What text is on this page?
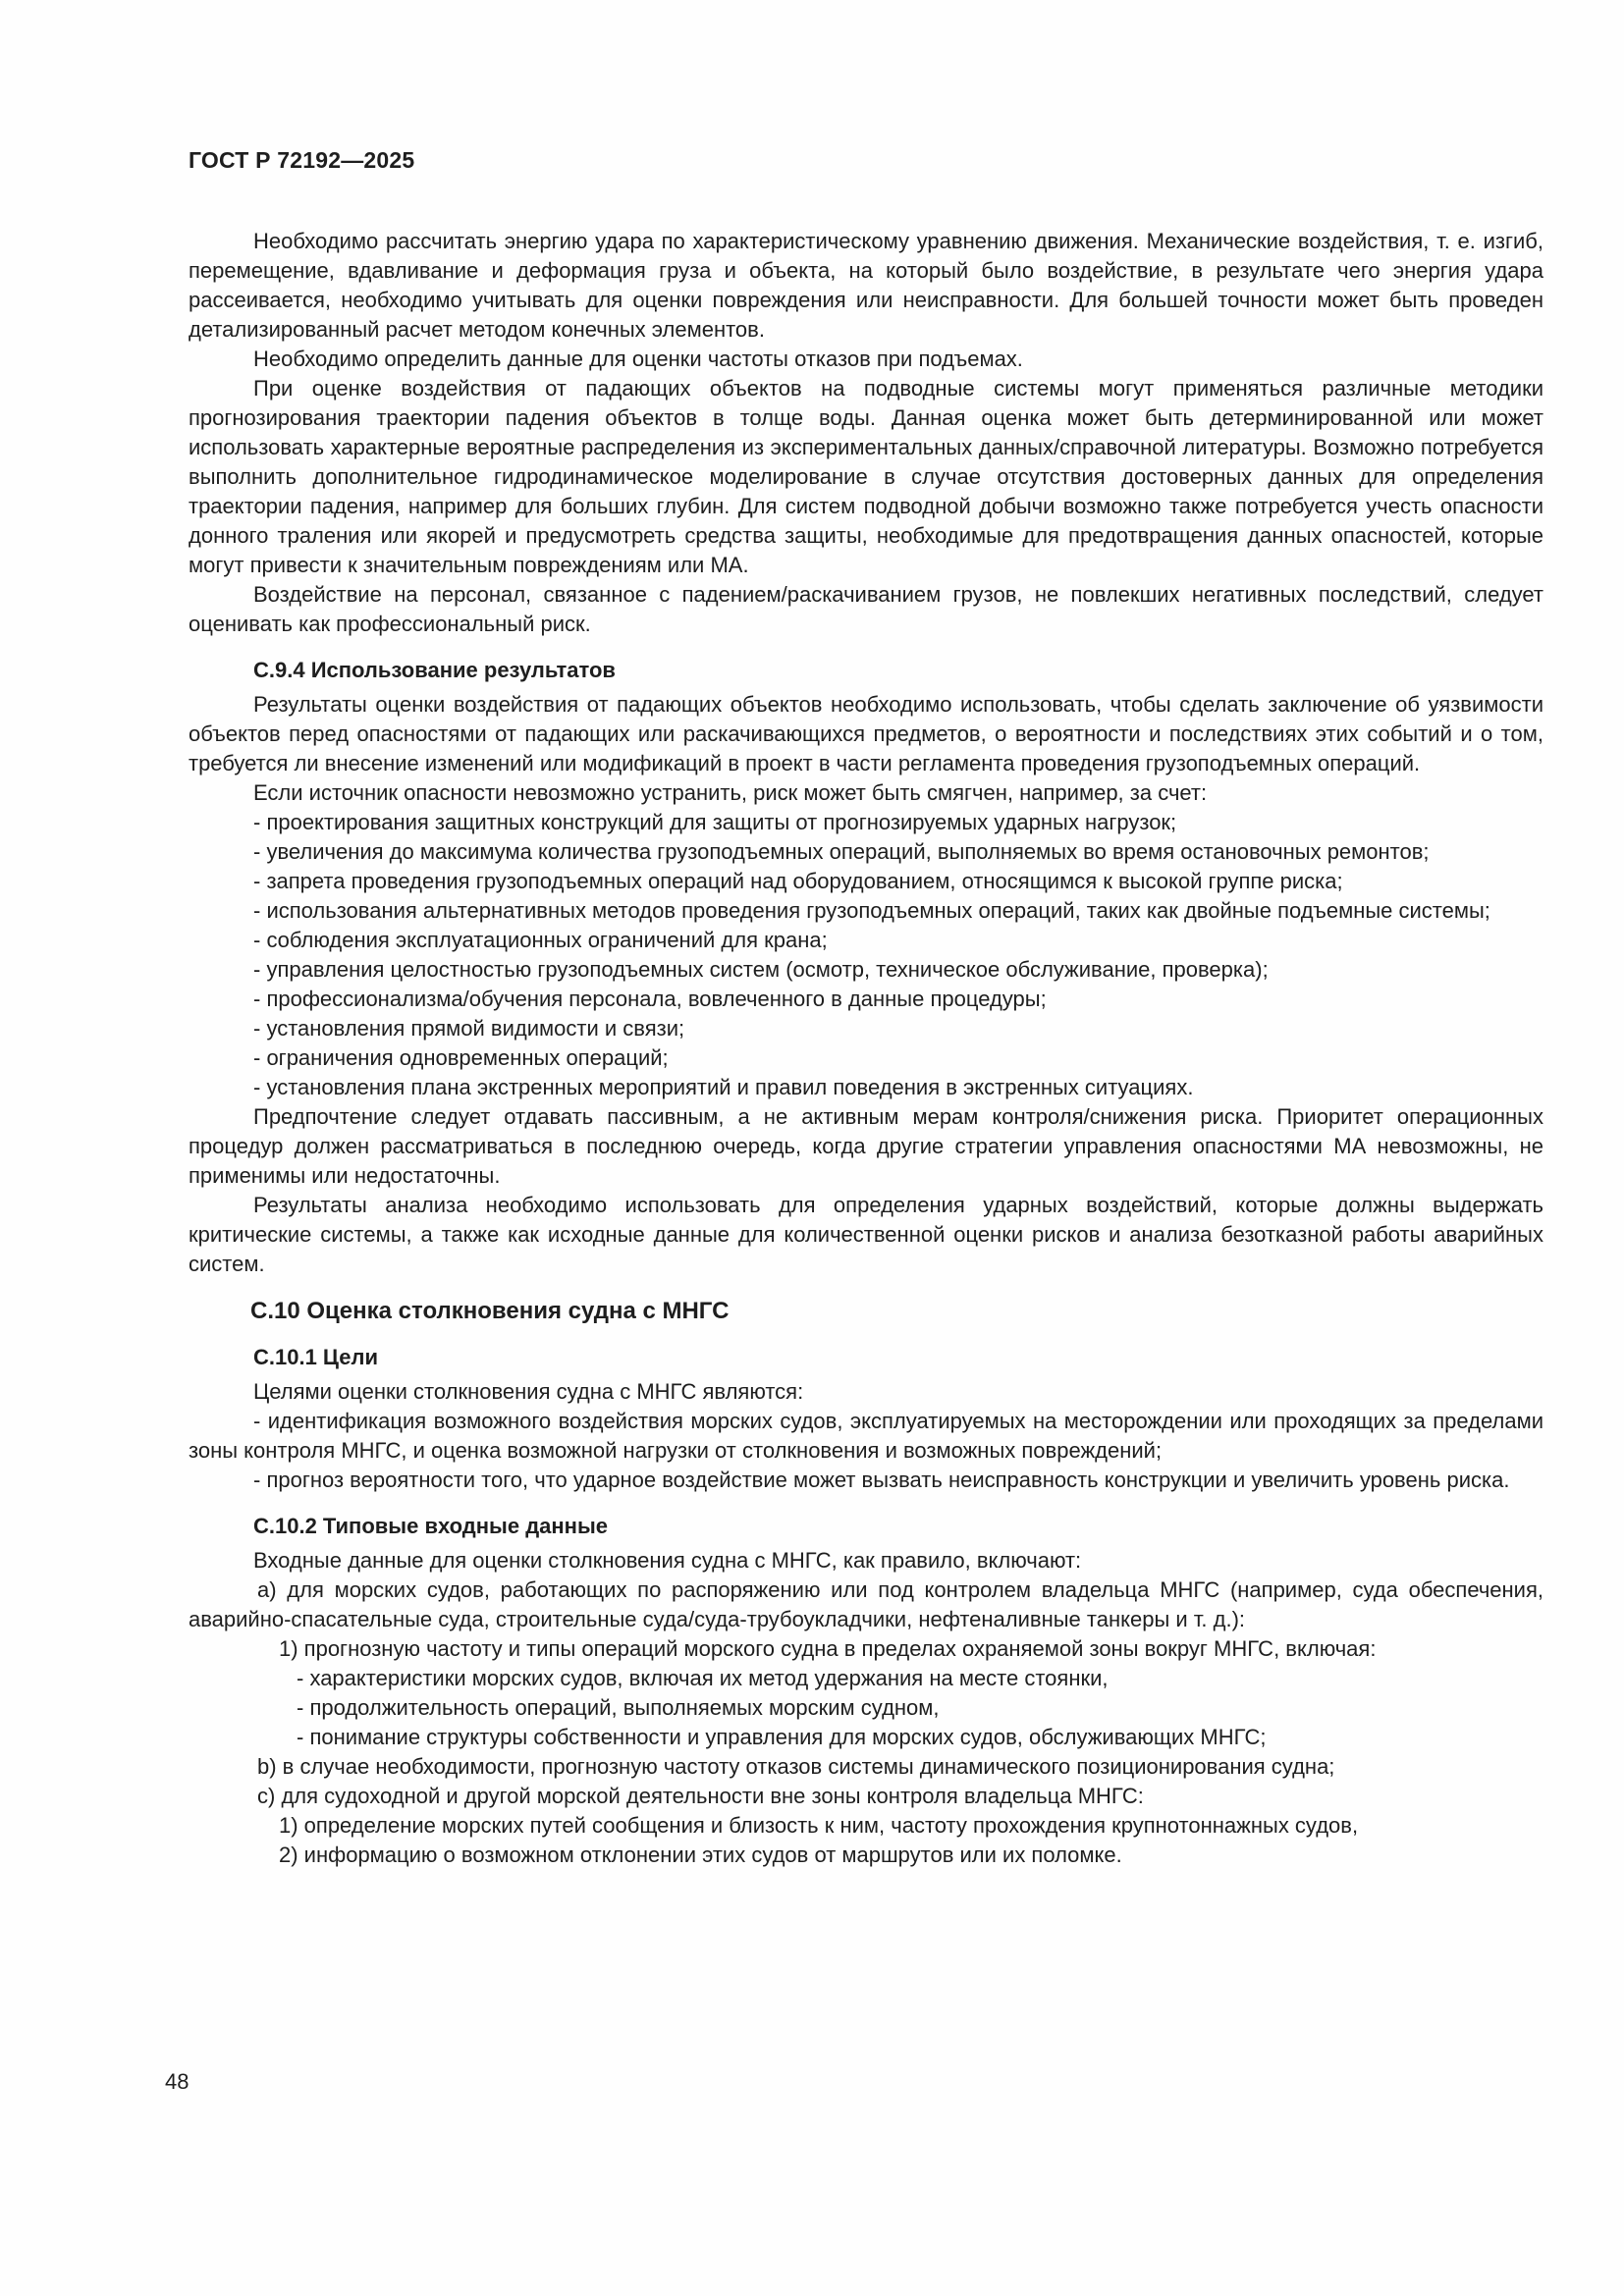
ГОСТ Р 72192—2025

Необходимо рассчитать энергию удара по характеристическому уравнению движения. Механические воздействия, т. е. изгиб, перемещение, вдавливание и деформация груза и объекта, на который было воздействие, в результате чего энергия удара рассеивается, необходимо учитывать для оценки повреждения или неисправности. Для большей точности может быть проведен детализированный расчет методом конечных элементов.

Необходимо определить данные для оценки частоты отказов при подъемах.

При оценке воздействия от падающих объектов на подводные системы могут применяться различные методики прогнозирования траектории падения объектов в толще воды. Данная оценка может быть детерминированной или может использовать характерные вероятные распределения из экспериментальных данных/справочной литературы. Возможно потребуется выполнить дополнительное гидродинамическое моделирование в случае отсутствия достоверных данных для определения траектории падения, например для больших глубин. Для систем подводной добычи возможно также потребуется учесть опасности донного траления или якорей и предусмотреть средства защиты, необходимые для предотвращения данных опасностей, которые могут привести к значительным повреждениям или МА.

Воздействие на персонал, связанное с падением/раскачиванием грузов, не повлекших негативных последствий, следует оценивать как профессиональный риск.

С.9.4 Использование результатов

Результаты оценки воздействия от падающих объектов необходимо использовать, чтобы сделать заключение об уязвимости объектов перед опасностями от падающих или раскачивающихся предметов, о вероятности и последствиях этих событий и о том, требуется ли внесение изменений или модификаций в проект в части регламента проведения грузоподъемных операций.

Если источник опасности невозможно устранить, риск может быть смягчен, например, за счет:

- проектирования защитных конструкций для защиты от прогнозируемых ударных нагрузок;

- увеличения до максимума количества грузоподъемных операций, выполняемых во время остановочных ремонтов;

- запрета проведения грузоподъемных операций над оборудованием, относящимся к высокой группе риска;

- использования альтернативных методов проведения грузоподъемных операций, таких как двойные подъемные системы;

- соблюдения эксплуатационных ограничений для крана;

- управления целостностью грузоподъемных систем (осмотр, техническое обслуживание, проверка);

- профессионализма/обучения персонала, вовлеченного в данные процедуры;

- установления прямой видимости и связи;

- ограничения одновременных операций;

- установления плана экстренных мероприятий и правил поведения в экстренных ситуациях.

Предпочтение следует отдавать пассивным, а не активным мерам контроля/снижения риска. Приоритет операционных процедур должен рассматриваться в последнюю очередь, когда другие стратегии управления опасностями МА невозможны, не применимы или недостаточны.

Результаты анализа необходимо использовать для определения ударных воздействий, которые должны выдержать критические системы, а также как исходные данные для количественной оценки рисков и анализа безотказной работы аварийных систем.

С.10 Оценка столкновения судна с МНГС

С.10.1 Цели

Целями оценки столкновения судна с МНГС являются:

- идентификация возможного воздействия морских судов, эксплуатируемых на месторождении или проходящих за пределами зоны контроля МНГС, и оценка возможной нагрузки от столкновения и возможных повреждений;

- прогноз вероятности того, что ударное воздействие может вызвать неисправность конструкции и увеличить уровень риска.

С.10.2 Типовые входные данные

Входные данные для оценки столкновения судна с МНГС, как правило, включают:

a) для морских судов, работающих по распоряжению или под контролем владельца МНГС (например, суда обеспечения, аварийно-спасательные суда, строительные суда/суда-трубоукладчики, нефтеналивные танкеры и т. д.):

1) прогнозную частоту и типы операций морского судна в пределах охраняемой зоны вокруг МНГС, включая:

- характеристики морских судов, включая их метод удержания на месте стоянки,

- продолжительность операций, выполняемых морским судном,

- понимание структуры собственности и управления для морских судов, обслуживающих МНГС;

b) в случае необходимости, прогнозную частоту отказов системы динамического позиционирования судна;

c) для судоходной и другой морской деятельности вне зоны контроля владельца МНГС:

1) определение морских путей сообщения и близость к ним, частоту прохождения крупнотоннажных судов,

2) информацию о возможном отклонении этих судов от маршрутов или их поломке.

48
